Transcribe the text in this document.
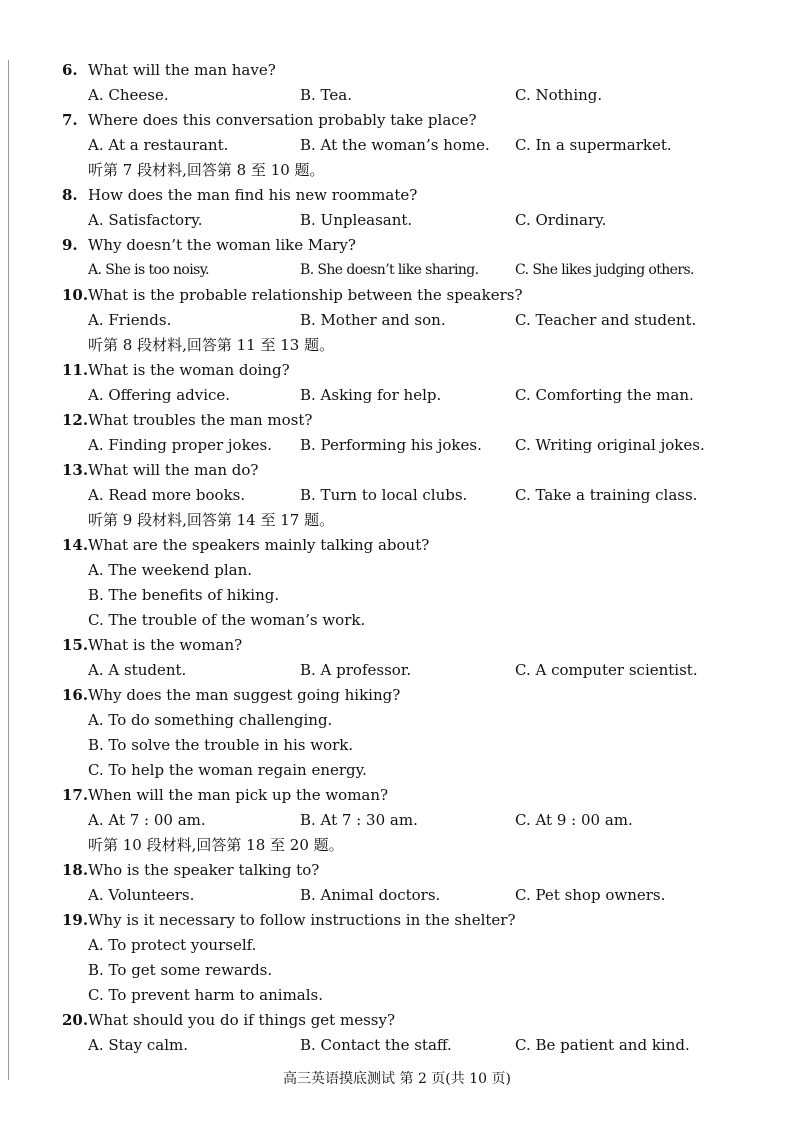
6. What will the man have?
A. Cheese.	B. Tea.	C. Nothing.
7. Where does this conversation probably take place?
A. At a restaurant.	B. At the woman’s home. C. In a supermarket.
听第 7 段材料,回答第 8 至 10 题。
8. How does the man find his new roommate?
A. Satisfactory.	B. Unpleasant.	C. Ordinary.
9. Why doesn’t the woman like Mary?
A. She is too noisy.	B. She doesn’t like sharing.	C. She likes judging others.
10. What is the probable relationship between the speakers?
A. Friends.	B. Mother and son.	C. Teacher and student.
听第 8 段材料,回答第 11 至 13 题。
11. What is the woman doing?
A. Offering advice.	B. Asking for help.	C. Comforting the man.
12. What troubles the man most?
A. Finding proper jokes. B. Performing his jokes. C. Writing original jokes.
13. What will the man do?
A. Read more books.	B. Turn to local clubs.	C. Take a training class.
听第 9 段材料,回答第 14 至 17 题。
14. What are the speakers mainly talking about?
A. The weekend plan.
B. The benefits of hiking.
C. The trouble of the woman’s work.
15. What is the woman?
A. A student.	B. A professor.	C. A computer scientist.
16. Why does the man suggest going hiking?
A. To do something challenging.
B. To solve the trouble in his work.
C. To help the woman regain energy.
17. When will the man pick up the woman?
A. At 7 : 00 am.	B. At 7 : 30 am.	C. At 9 : 00 am.
听第 10 段材料,回答第 18 至 20 题。
18. Who is the speaker talking to?
A. Volunteers.	B. Animal doctors.	C. Pet shop owners.
19. Why is it necessary to follow instructions in the shelter?
A. To protect yourself.
B. To get some rewards.
C. To prevent harm to animals.
20. What should you do if things get messy?
A. Stay calm.	B. Contact the staff.	C. Be patient and kind.
高三英语摸底测试 第 2 页(共 10 页)
